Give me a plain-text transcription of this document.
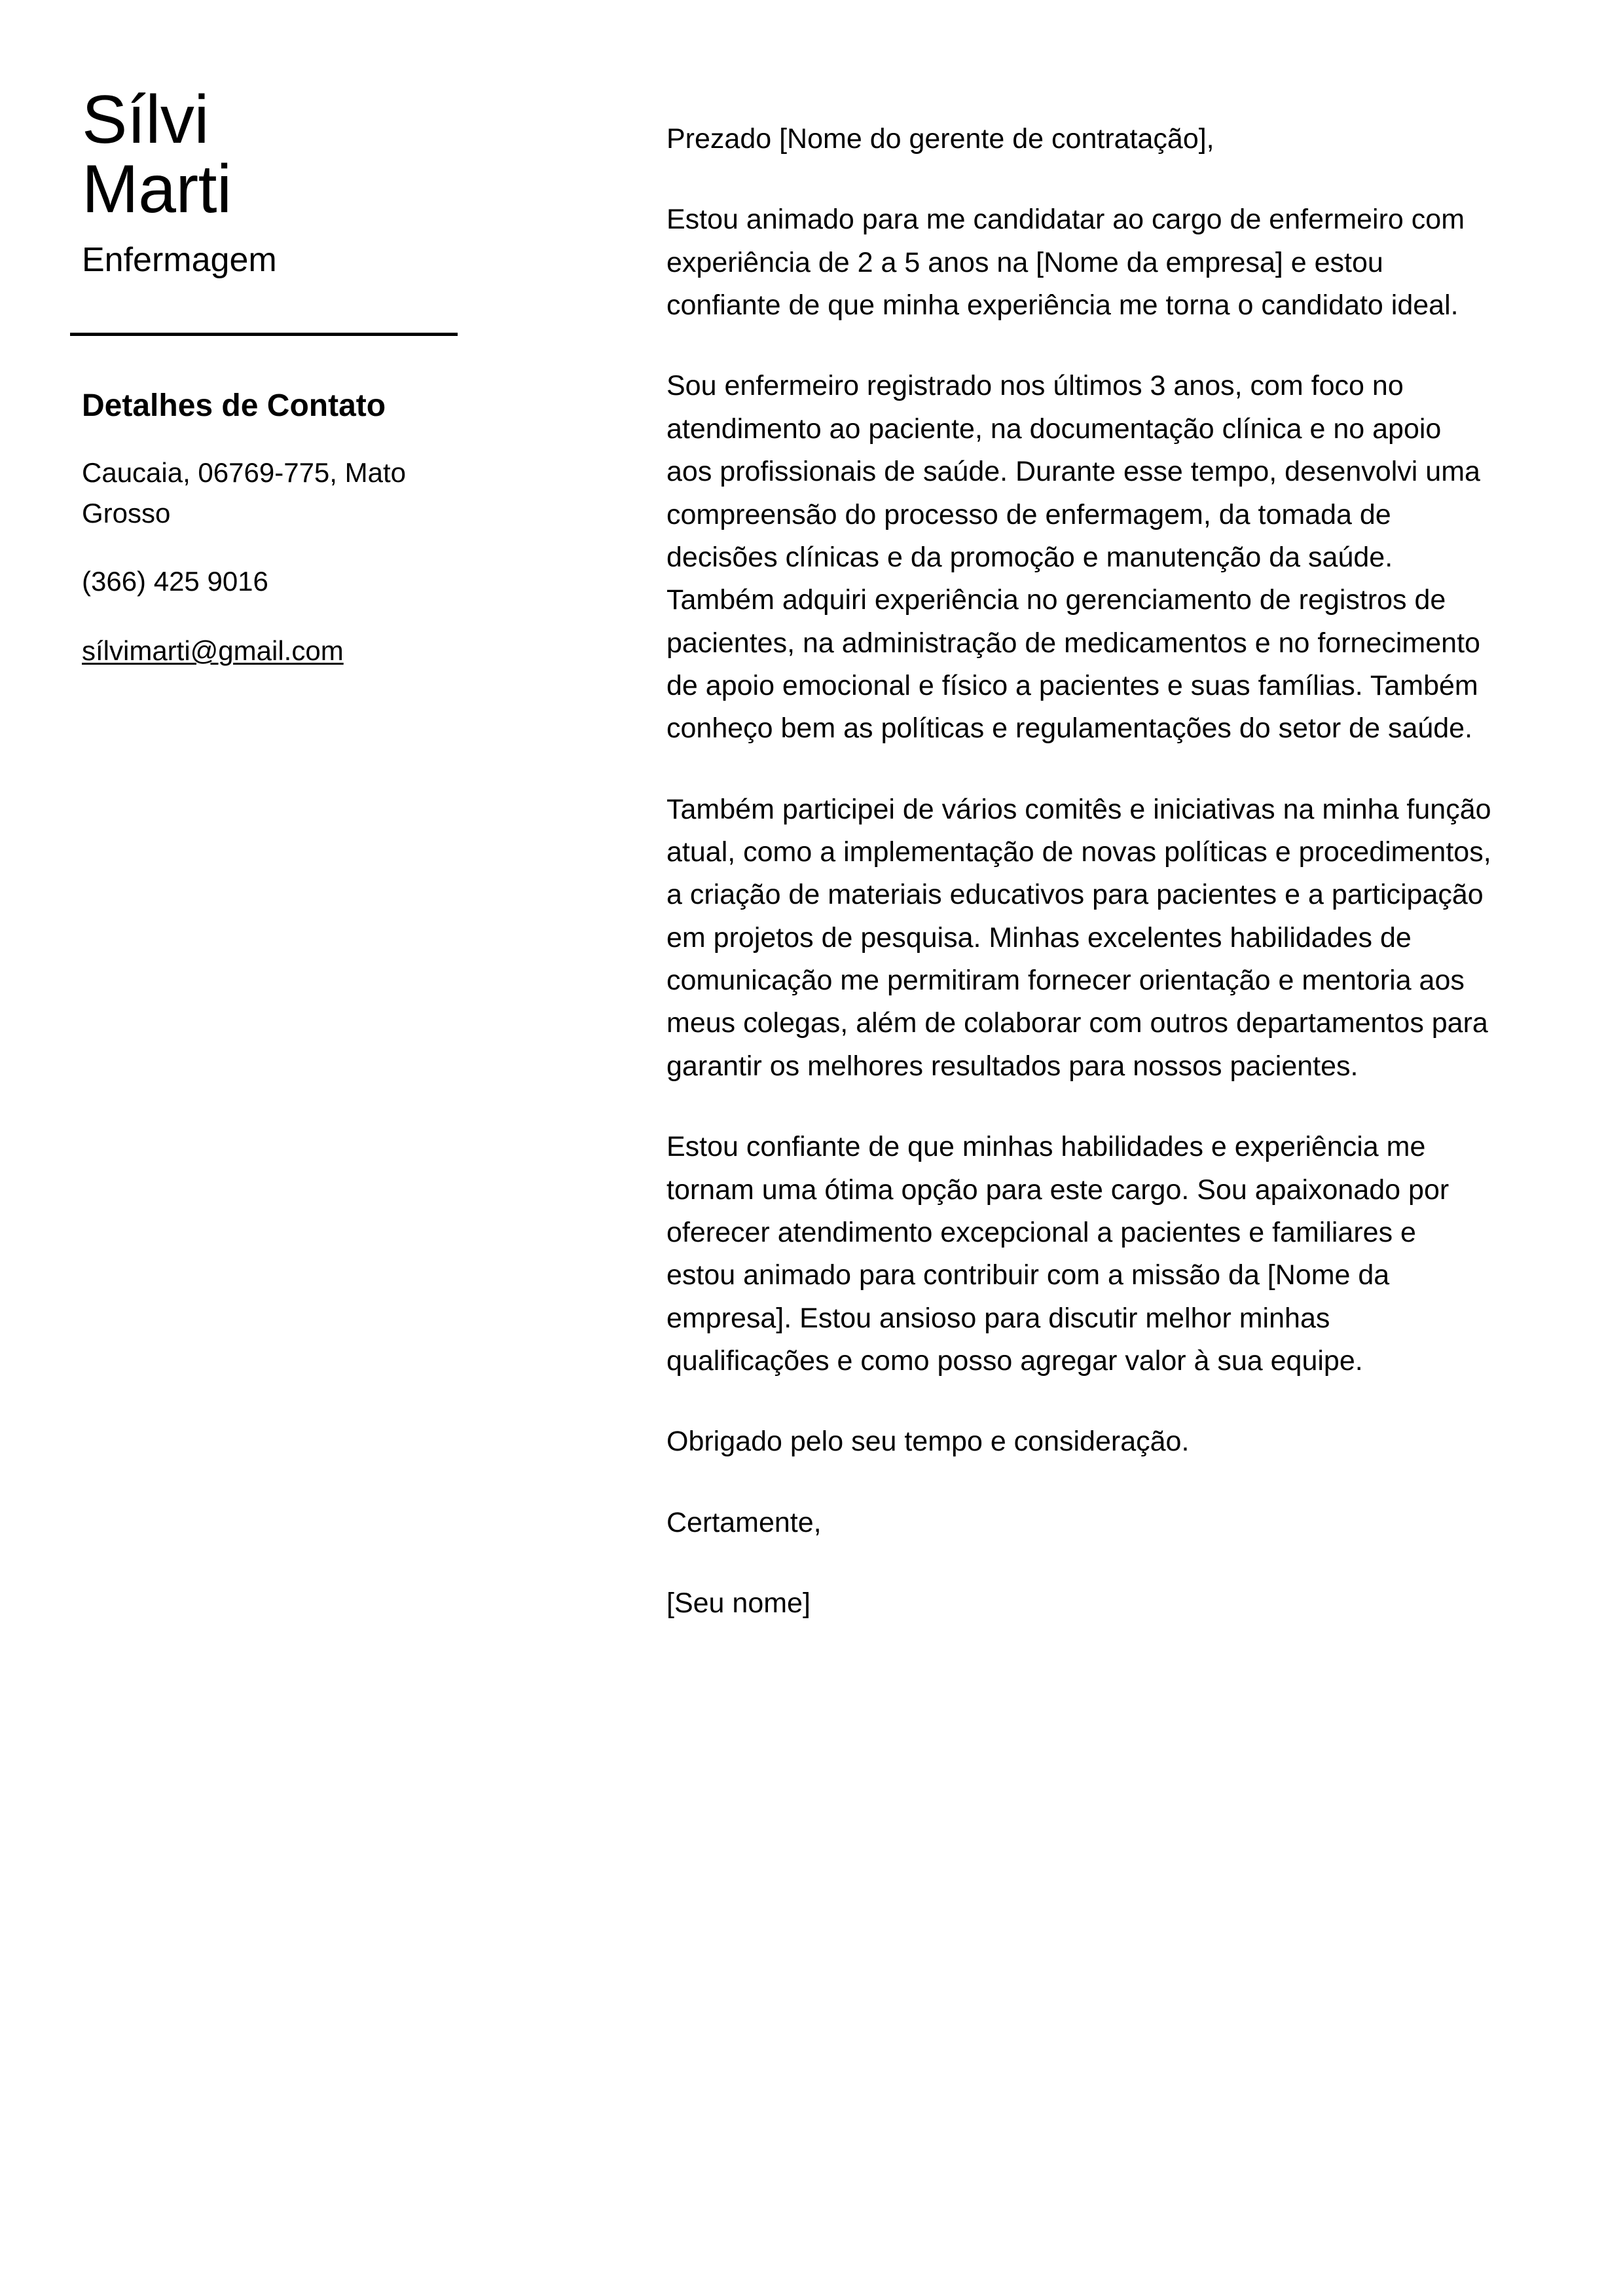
Sílvi
Marti
Enfermagem
Detalhes de Contato
Caucaia, 06769-775, Mato Grosso
(366) 425 9016
sílvimarti@gmail.com

Prezado [Nome do gerente de contratação],

Estou animado para me candidatar ao cargo de enfermeiro com experiência de 2 a 5 anos na [Nome da empresa] e estou confiante de que minha experiência me torna o candidato ideal.

Sou enfermeiro registrado nos últimos 3 anos, com foco no atendimento ao paciente, na documentação clínica e no apoio aos profissionais de saúde. Durante esse tempo, desenvolvi uma compreensão do processo de enfermagem, da tomada de decisões clínicas e da promoção e manutenção da saúde. Também adquiri experiência no gerenciamento de registros de pacientes, na administração de medicamentos e no fornecimento de apoio emocional e físico a pacientes e suas famílias. Também conheço bem as políticas e regulamentações do setor de saúde.

Também participei de vários comitês e iniciativas na minha função atual, como a implementação de novas políticas e procedimentos, a criação de materiais educativos para pacientes e a participação em projetos de pesquisa. Minhas excelentes habilidades de comunicação me permitiram fornecer orientação e mentoria aos meus colegas, além de colaborar com outros departamentos para garantir os melhores resultados para nossos pacientes.

Estou confiante de que minhas habilidades e experiência me tornam uma ótima opção para este cargo. Sou apaixonado por oferecer atendimento excepcional a pacientes e familiares e estou animado para contribuir com a missão da [Nome da empresa]. Estou ansioso para discutir melhor minhas qualificações e como posso agregar valor à sua equipe.

Obrigado pelo seu tempo e consideração.

Certamente,

[Seu nome]
